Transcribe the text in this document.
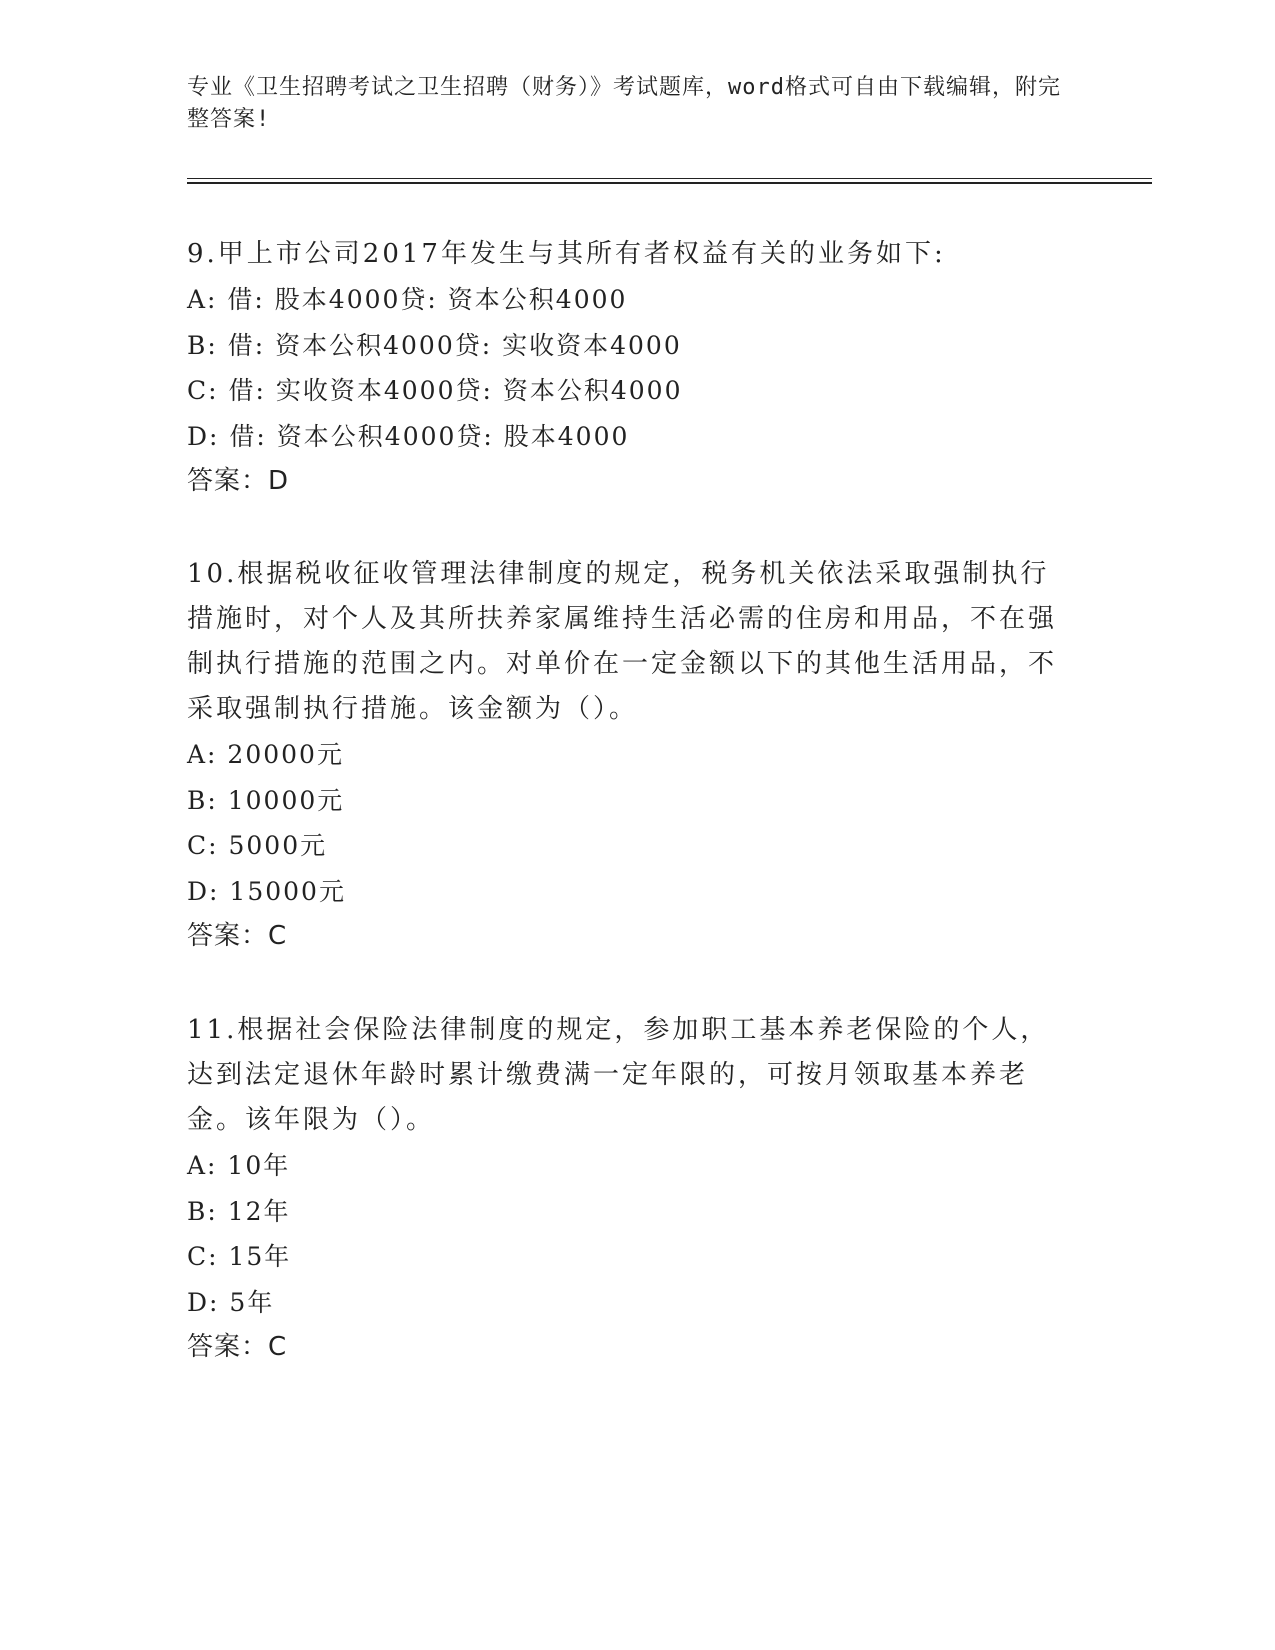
专业《卫生招聘考试之卫生招聘（财务）》考试题库，word格式可自由下载编辑，附完整答案!

9.甲上市公司2017年发生与其所有者权益有关的业务如下:

A: 借: 股本4000贷: 资本公积4000

B: 借: 资本公积4000贷: 实收资本4000

C: 借: 实收资本4000贷: 资本公积4000

D: 借: 资本公积4000贷: 股本4000

答案：D

10.根据税收征收管理法律制度的规定，税务机关依法采取强制执行措施时，对个人及其所扶养家属维持生活必需的住房和用品，不在强制执行措施的范围之内。对单价在一定金额以下的其他生活用品，不采取强制执行措施。该金额为（）。

A: 20000元

B: 10000元

C: 5000元

D: 15000元

答案：C

11.根据社会保险法律制度的规定，参加职工基本养老保险的个人，达到法定退休年龄时累计缴费满一定年限的，可按月领取基本养老金。该年限为（）。

A: 10年

B: 12年

C: 15年

D: 5年

答案：C
